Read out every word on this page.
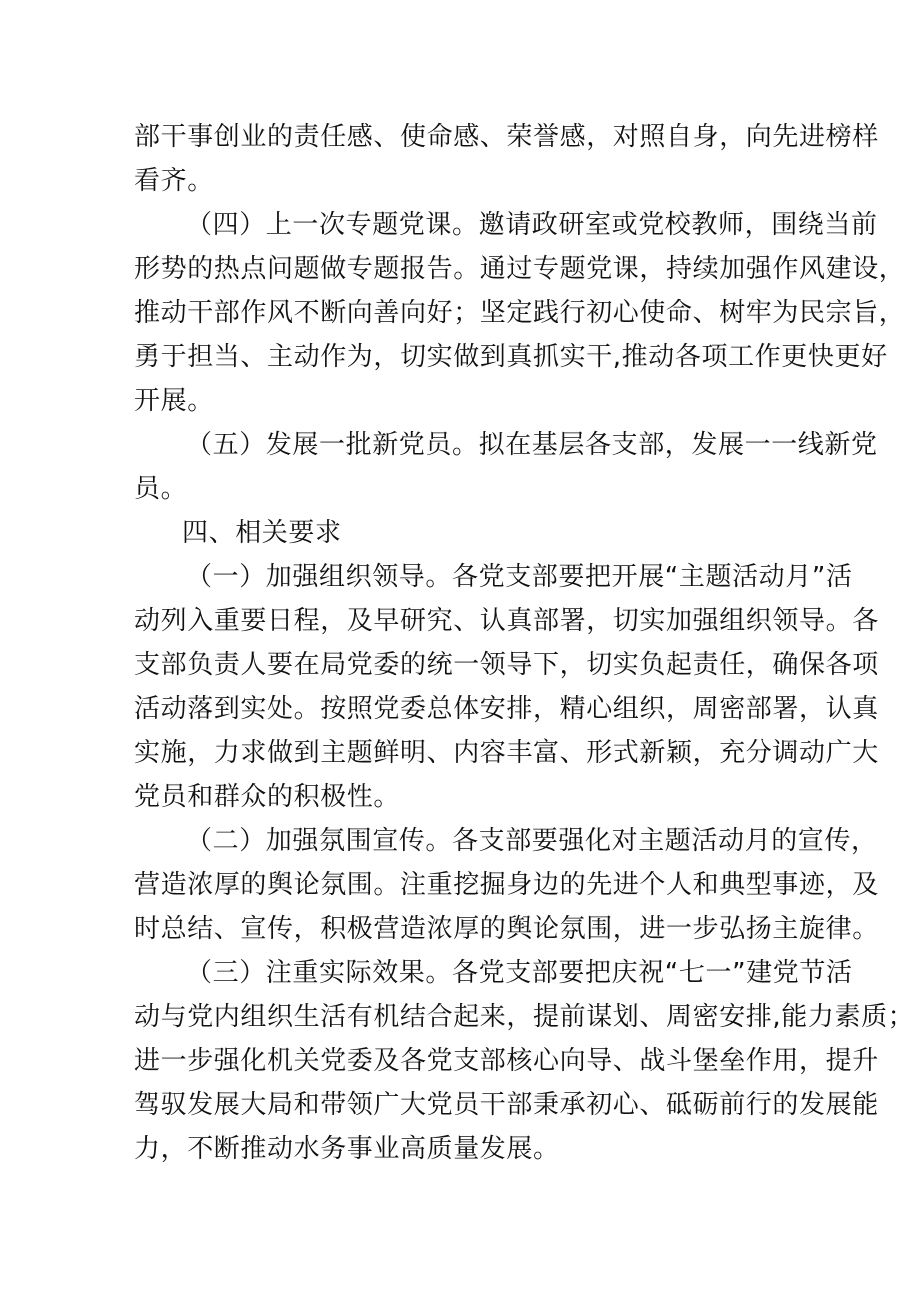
部干事创业的责任感、使命感、荣誉感，对照自身，向先进榜样
看齐。
（四）上一次专题党课。邀请政研室或党校教师，围绕当前
形势的热点问题做专题报告。通过专题党课，持续加强作风建设，
推动干部作风不断向善向好；坚定践行初心使命、树牢为民宗旨，
勇于担当、主动作为，切实做到真抓实干,推动各项工作更快更好
开展。
（五）发展一批新党员。拟在基层各支部，发展一一线新党
员。
四、相关要求
（一）加强组织领导。各党支部要把开展“主题活动月”活
动列入重要日程，及早研究、认真部署，切实加强组织领导。各
支部负责人要在局党委的统一领导下，切实负起责任，确保各项
活动落到实处。按照党委总体安排，精心组织，周密部署，认真
实施，力求做到主题鲜明、内容丰富、形式新颖，充分调动广大
党员和群众的积极性。
（二）加强氛围宣传。各支部要强化对主题活动月的宣传，
营造浓厚的舆论氛围。注重挖掘身边的先进个人和典型事迹，及
时总结、宣传，积极营造浓厚的舆论氛围，进一步弘扬主旋律。
（三）注重实际效果。各党支部要把庆祝“七一”建党节活
动与党内组织生活有机结合起来，提前谋划、周密安排,能力素质；
进一步强化机关党委及各党支部核心向导、战斗堡垒作用，提升
驾驭发展大局和带领广大党员干部秉承初心、砥砺前行的发展能
力，不断推动水务事业高质量发展。
